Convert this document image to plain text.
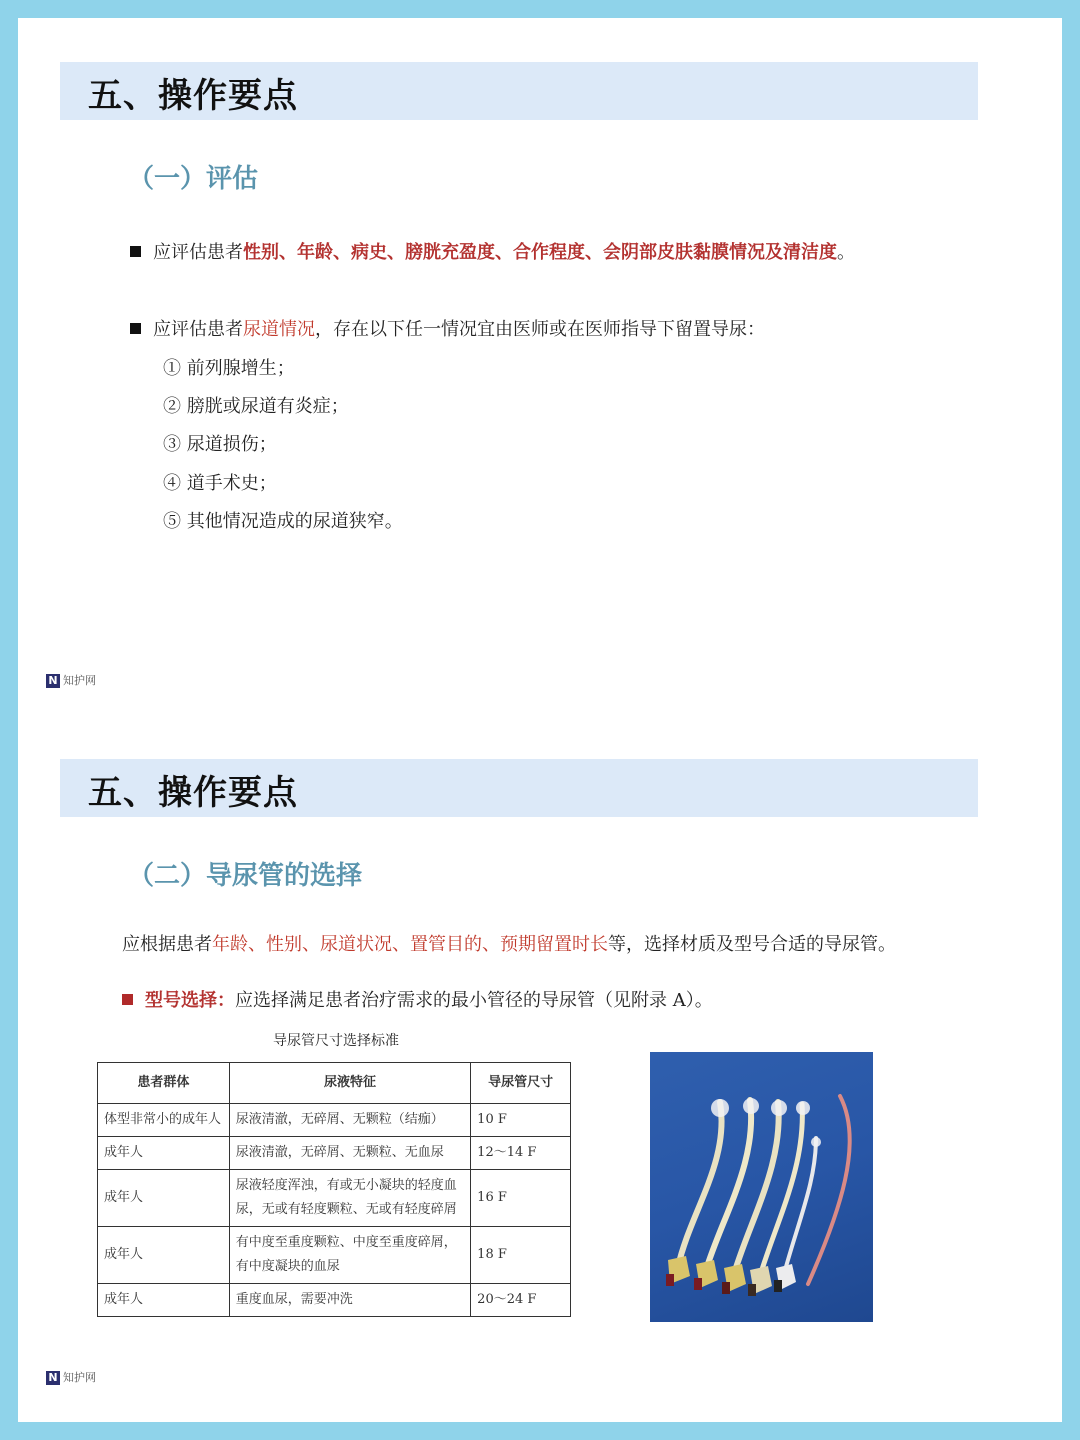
五、操作要点
（一）评估
应评估患者性别、年龄、病史、膀胱充盈度、合作程度、会阴部皮肤黏膜情况及清洁度。
应评估患者尿道情况，存在以下任一情况宜由医师或在医师指导下留置导尿：
① 前列腺增生；
② 膀胱或尿道有炎症；
③ 尿道损伤；
④ 道手术史；
⑤ 其他情况造成的尿道狭窄。
N 知护网
五、操作要点
（二）导尿管的选择
应根据患者年龄、性别、尿道状况、置管目的、预期留置时长等，选择材质及型号合适的导尿管。
型号选择：应选择满足患者治疗需求的最小管径的导尿管（见附录 A）。
导尿管尺寸选择标准
患者群体	尿液特征	导尿管尺寸
体型非常小的成年人	尿液清澈，无碎屑、无颗粒（结痂）	10 F
成年人	尿液清澈，无碎屑、无颗粒、无血尿	12～14 F
成年人	尿液轻度浑浊，有或无小凝块的轻度血尿，无或有轻度颗粒、无或有轻度碎屑	16 F
成年人	有中度至重度颗粒、中度至重度碎屑，有中度凝块的血尿	18 F
成年人	重度血尿，需要冲洗	20～24 F
N 知护网
